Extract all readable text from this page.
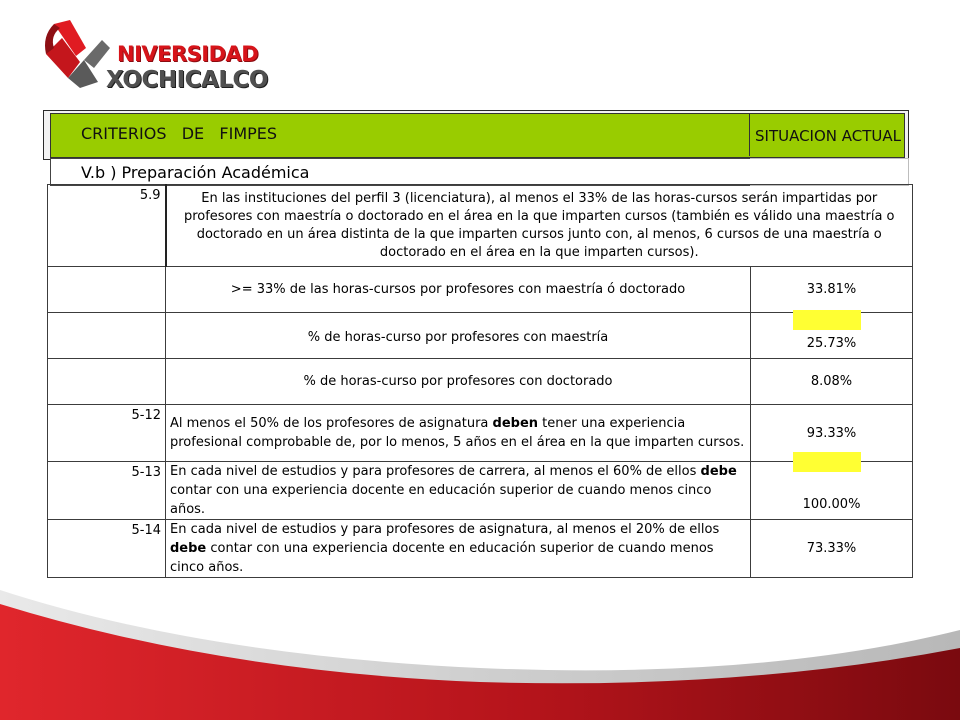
NIVERSIDAD
XOCHICALCO
CRITERIOS   DE   FIMPES	SITUACION ACTUAL
V.b ) Preparación Académica
5.9	En las instituciones del perfil 3 (licenciatura), al menos el 33% de las horas-cursos serán impartidas por profesores con maestría o doctorado en el área en la que imparten cursos (también es válido una maestría o doctorado en un área distinta de la que imparten cursos junto con, al menos, 6 cursos de una maestría o doctorado en el área en la que imparten cursos).	
	>= 33% de las horas-cursos por profesores con maestría ó doctorado	33.81%
	% de horas-curso por profesores con maestría	25.73%
	% de horas-curso por profesores con doctorado	8.08%
5-12	Al menos el 50% de los profesores de asignatura deben tener una experiencia profesional comprobable de, por lo menos, 5 años en el área en la que imparten cursos.	93.33%
5-13	En cada nivel de estudios y para profesores de carrera, al menos el 60% de ellos debe contar con una experiencia docente en educación superior de cuando menos cinco años.	100.00%
5-14	En cada nivel de estudios y para profesores de asignatura, al menos el 20% de ellos debe contar con una experiencia docente en educación superior de cuando menos cinco años.	73.33%
